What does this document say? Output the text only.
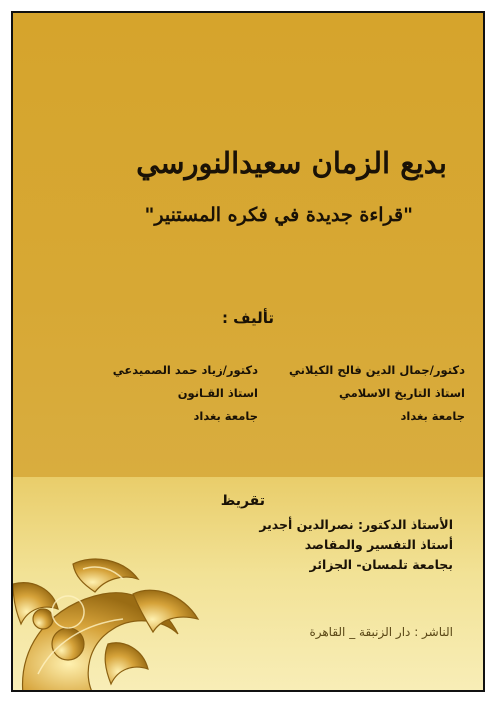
بديع الزمان سعيدالنورسي
"قراءة جديدة في فكره المستنير"
تأليف :
دكتور/جمال الدين فالح الكيلاني
استاذ التاريخ الاسلامي
جامعة بغداد
دكتور/زياد حمد الصميدعي
استاذ القـانون
جامعة بغداد
تقريظ
الأستاذ الدكتور: نصرالدين أجدير
أستاذ التفسير والمقاصد
بجامعة تلمسان- الجزائر
الناشر : دار الزنبقة _ القاهرة
